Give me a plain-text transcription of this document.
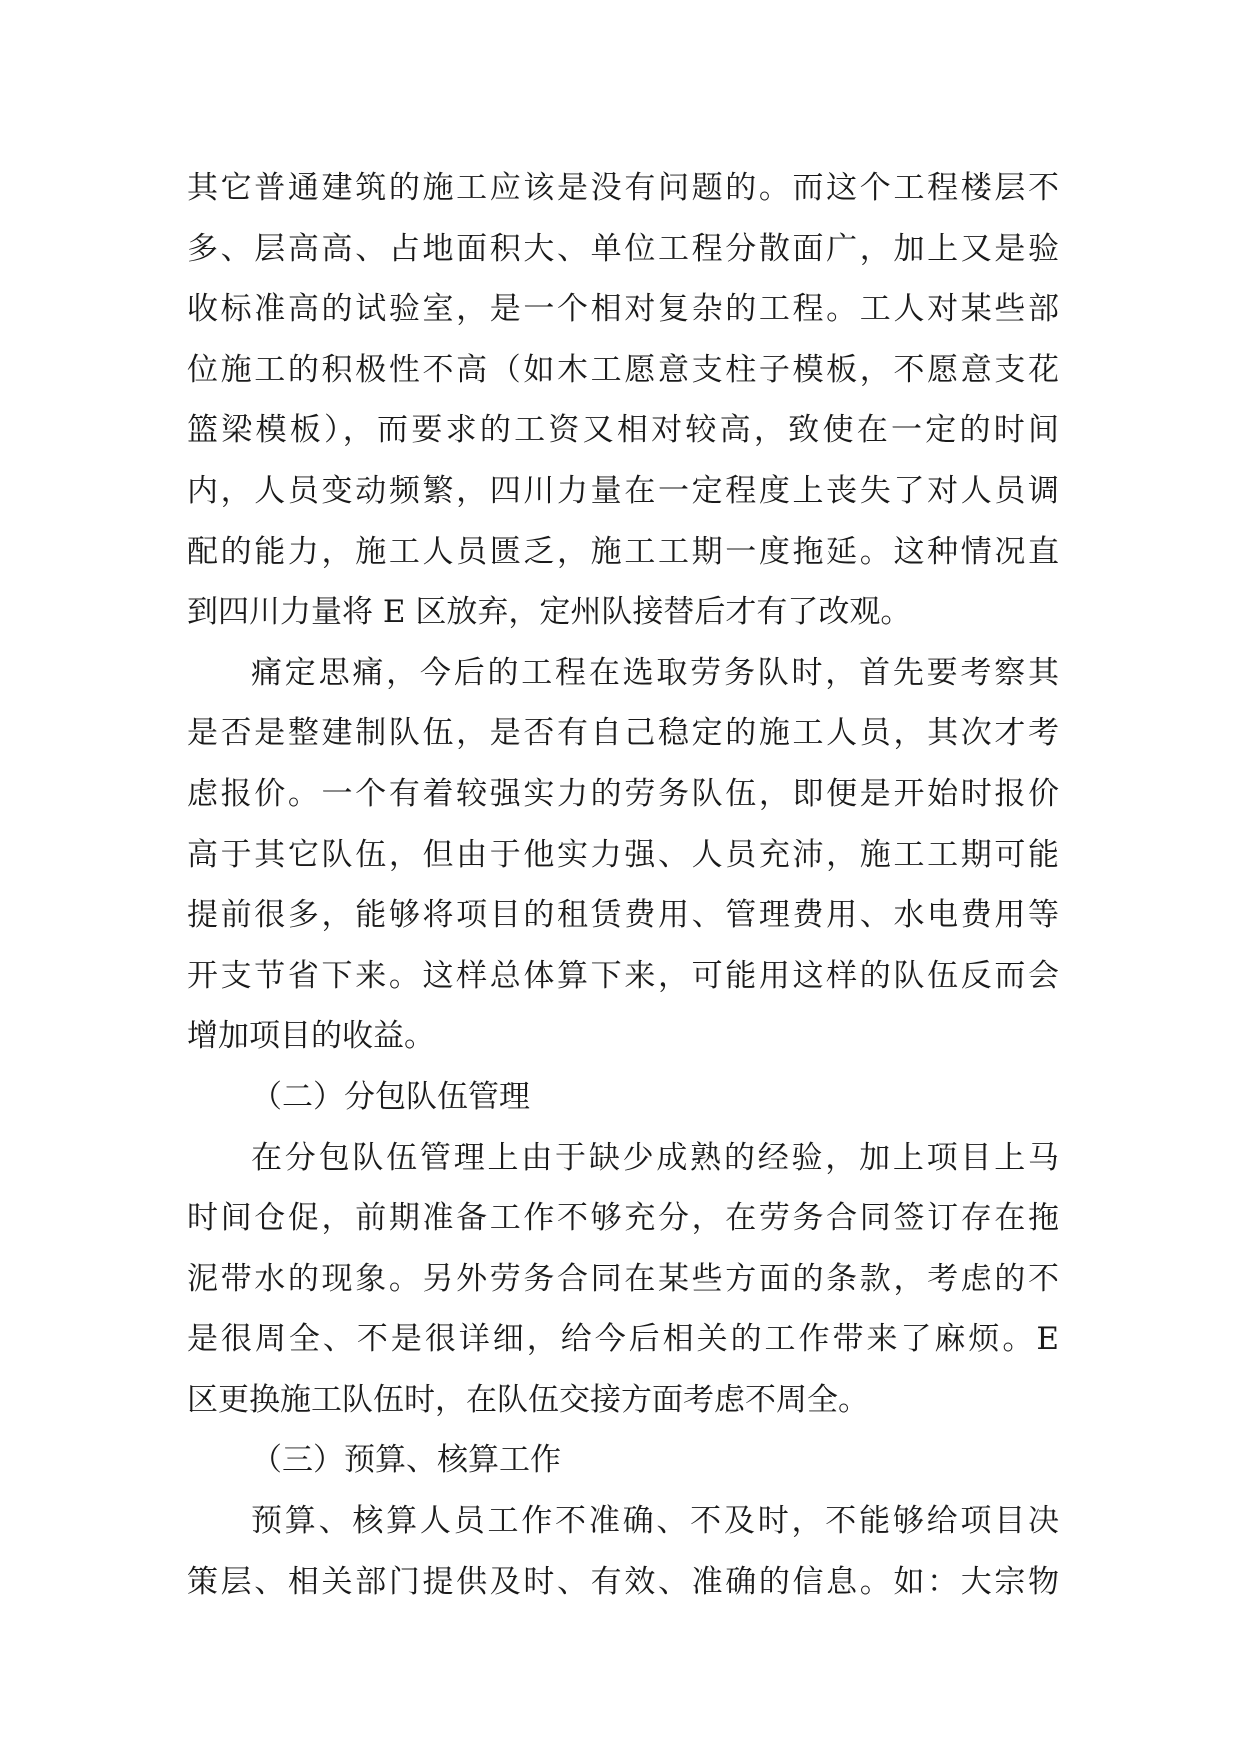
其它普通建筑的施工应该是没有问题的。而这个工程楼层不
多、层高高、占地面积大、单位工程分散面广，加上又是验
收标准高的试验室，是一个相对复杂的工程。工人对某些部
位施工的积极性不高（如木工愿意支柱子模板，不愿意支花
篮梁模板），而要求的工资又相对较高，致使在一定的时间
内，人员变动频繁，四川力量在一定程度上丧失了对人员调
配的能力，施工人员匮乏，施工工期一度拖延。这种情况直
到四川力量将 E 区放弃，定州队接替后才有了改观。
痛定思痛，今后的工程在选取劳务队时，首先要考察其
是否是整建制队伍，是否有自己稳定的施工人员，其次才考
虑报价。一个有着较强实力的劳务队伍，即便是开始时报价
高于其它队伍，但由于他实力强、人员充沛，施工工期可能
提前很多，能够将项目的租赁费用、管理费用、水电费用等
开支节省下来。这样总体算下来，可能用这样的队伍反而会
增加项目的收益。
（二）分包队伍管理
在分包队伍管理上由于缺少成熟的经验，加上项目上马
时间仓促，前期准备工作不够充分，在劳务合同签订存在拖
泥带水的现象。另外劳务合同在某些方面的条款，考虑的不
是很周全、不是很详细，给今后相关的工作带来了麻烦。E
区更换施工队伍时，在队伍交接方面考虑不周全。
（三）预算、核算工作
预算、核算人员工作不准确、不及时，不能够给项目决
策层、相关部门提供及时、有效、准确的信息。如：大宗物
